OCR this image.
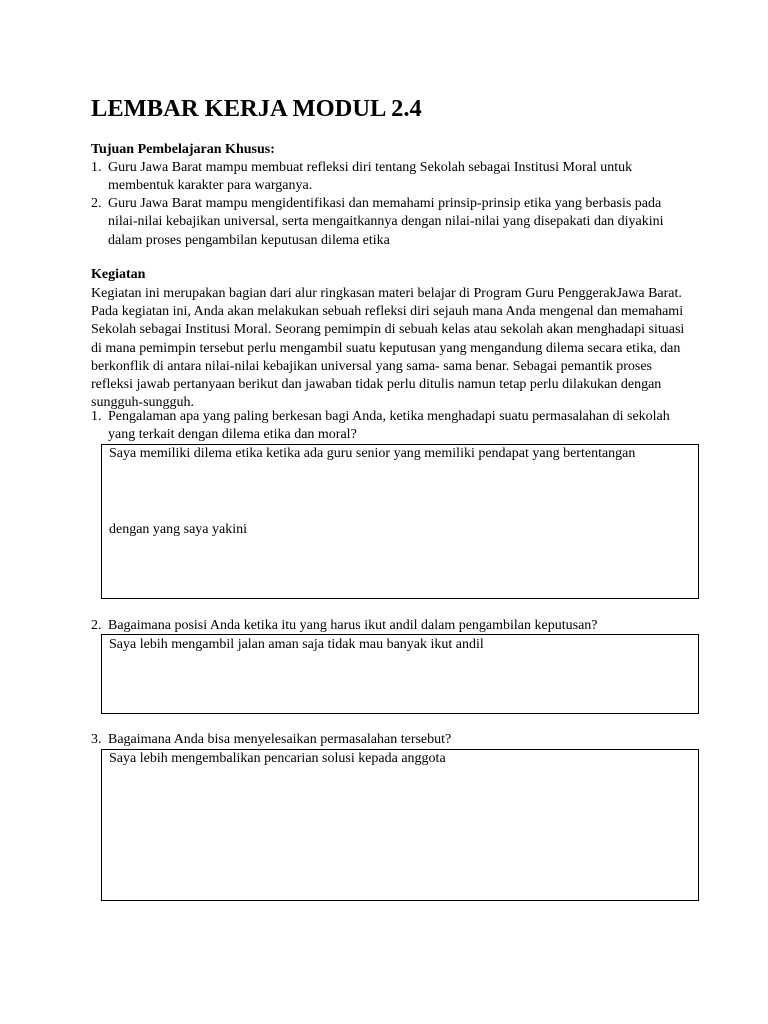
LEMBAR KERJA MODUL 2.4

Tujuan Pembelajaran Khusus:

1. Guru Jawa Barat mampu membuat refleksi diri tentang Sekolah sebagai Institusi Moral untuk membentuk karakter para warganya.
2. Guru Jawa Barat mampu mengidentifikasi dan memahami prinsip-prinsip etika yang berbasis pada nilai-nilai kebajikan universal, serta mengaitkannya dengan nilai-nilai yang disepakati dan diyakini dalam proses pengambilan keputusan dilema etika

Kegiatan

Kegiatan ini merupakan bagian dari alur ringkasan materi belajar di Program Guru PenggerakJawa Barat. Pada kegiatan ini, Anda akan melakukan sebuah refleksi diri sejauh mana Anda mengenal dan memahami Sekolah sebagai Institusi Moral. Seorang pemimpin di sebuah kelas atau sekolah akan menghadapi situasi di mana pemimpin tersebut perlu mengambil suatu keputusan yang mengandung dilema secara etika, dan berkonflik di antara nilai-nilai kebajikan universal yang sama- sama benar. Sebagai pemantik proses refleksi jawab pertanyaan berikut dan jawaban tidak perlu ditulis namun tetap perlu dilakukan dengan sungguh-sungguh.

1. Pengalaman apa yang paling berkesan bagi Anda, ketika menghadapi suatu permasalahan di sekolah yang terkait dengan dilema etika dan moral?
Saya memiliki dilema etika ketika ada guru senior yang memiliki pendapat yang bertentangan
dengan yang saya yakini
2. Bagaimana posisi Anda ketika itu yang harus ikut andil dalam pengambilan keputusan?
Saya lebih mengambil jalan aman saja tidak mau banyak ikut andil
3. Bagaimana Anda bisa menyelesaikan permasalahan tersebut?
Saya lebih mengembalikan pencarian solusi kepada anggota
